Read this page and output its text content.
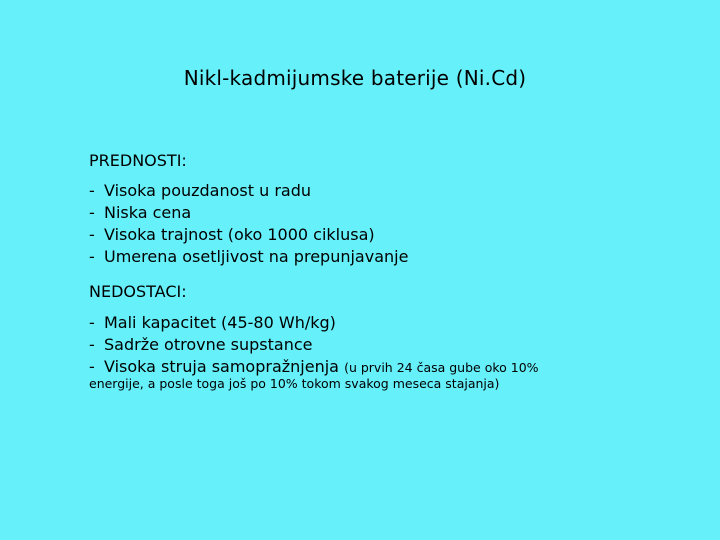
Nikl-kadmijumske baterije (Ni.Cd)
PREDNOSTI:
- Visoka pouzdanost u radu
- Niska cena
- Visoka trajnost (oko 1000 ciklusa)
- Umerena osetljivost na prepunjavanje
NEDOSTACI:
- Mali kapacitet (45-80 Wh/kg)
- Sadrže otrovne supstance
- Visoka struja samopražnjenja (u prvih 24 časa gube oko 10%
energije, a posle toga još po 10% tokom svakog meseca stajanja)
